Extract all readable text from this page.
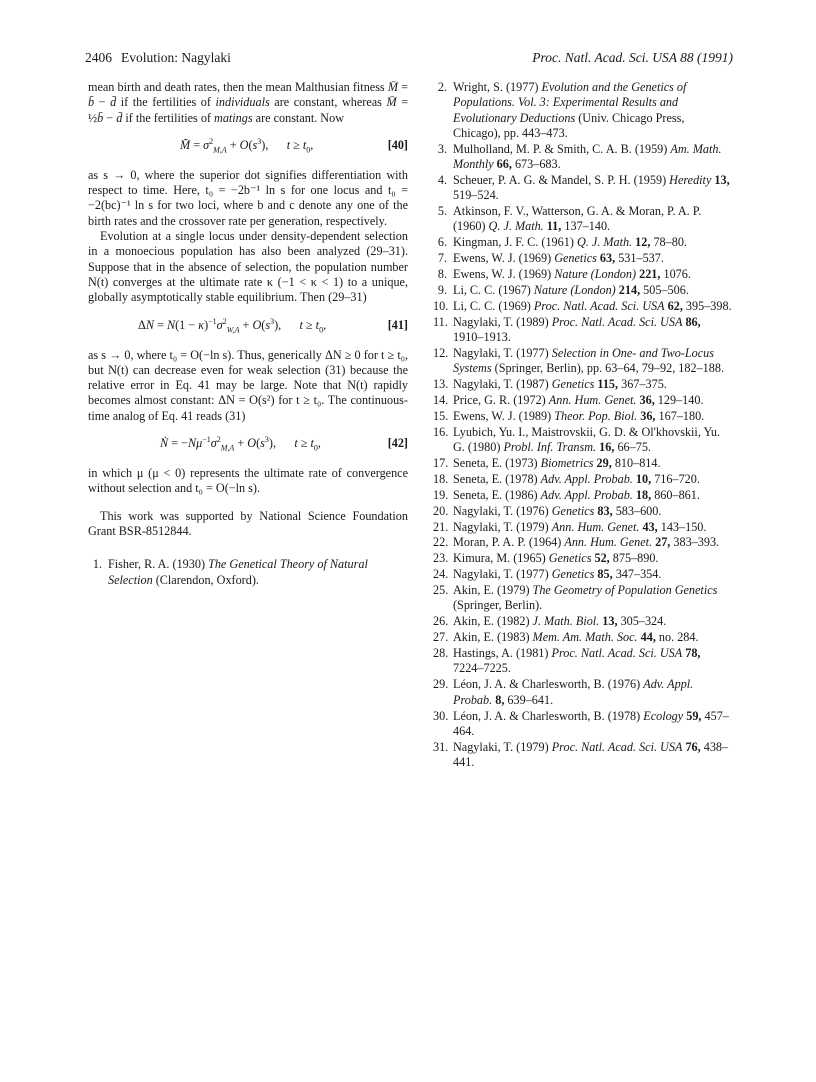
2406 Evolution: Nagylaki	Proc. Natl. Acad. Sci. USA 88 (1991)

mean birth and death rates, then the mean Malthusian fitness M̄ = b̄ − d̄ if the fertilities of individuals are constant, whereas M̄ = ½b̄ − d̄ if the fertilities of matings are constant. Now

M̄̇ = $\sigma^2_{M,A} + O(s^3)$,      $t \ge t_0$,	[40]

as s → 0, where the superior dot signifies differentiation with respect to time. Here, t₀ = −2b⁻¹ ln s for one locus and t₀ = −2(bc)⁻¹ ln s for two loci, where b and c denote any one of the birth rates and the crossover rate per generation, respectively.

Evolution at a single locus under density-dependent selection in a monoecious population has also been analyzed (29–31). Suppose that in the absence of selection, the population number N(t) converges at the ultimate rate κ (−1 < κ < 1) to a unique, globally asymptotically stable equilibrium. Then (29–31)

$\Delta N = N(1 - \kappa)^{-1}\sigma^2_{W,A} + O(s^3)$,      $t \ge t_0$,	[41]

as s → 0, where t₀ = O(−ln s). Thus, generically ΔN ≥ 0 for t ≥ t₀, but N(t) can decrease even for weak selection (31) because the relative error in Eq. 41 may be large. Note that N(t) rapidly becomes almost constant: ΔN = O(s²) for t ≥ t₀. The continuous-time analog of Eq. 41 reads (31)

Ṅ = $-N\mu^{-1}\sigma^2_{M,A} + O(s^3)$,      $t \ge t_0$,	[42]

in which μ (μ < 0) represents the ultimate rate of convergence without selection and t₀ = O(−ln s).

This work was supported by National Science Foundation Grant BSR-8512844.

1. Fisher, R. A. (1930) The Genetical Theory of Natural Selection (Clarendon, Oxford).

2. Wright, S. (1977) Evolution and the Genetics of Populations. Vol. 3: Experimental Results and Evolutionary Deductions (Univ. Chicago Press, Chicago), pp. 443–473.

3. Mulholland, M. P. & Smith, C. A. B. (1959) Am. Math. Monthly 66, 673–683.

4. Scheuer, P. A. G. & Mandel, S. P. H. (1959) Heredity 13, 519–524.

5. Atkinson, F. V., Watterson, G. A. & Moran, P. A. P. (1960) Q. J. Math. 11, 137–140.

6. Kingman, J. F. C. (1961) Q. J. Math. 12, 78–80.

7. Ewens, W. J. (1969) Genetics 63, 531–537.

8. Ewens, W. J. (1969) Nature (London) 221, 1076.

9. Li, C. C. (1967) Nature (London) 214, 505–506.

10. Li, C. C. (1969) Proc. Natl. Acad. Sci. USA 62, 395–398.

11. Nagylaki, T. (1989) Proc. Natl. Acad. Sci. USA 86, 1910–1913.

12. Nagylaki, T. (1977) Selection in One- and Two-Locus Systems (Springer, Berlin), pp. 63–64, 79–92, 182–188.

13. Nagylaki, T. (1987) Genetics 115, 367–375.

14. Price, G. R. (1972) Ann. Hum. Genet. 36, 129–140.

15. Ewens, W. J. (1989) Theor. Pop. Biol. 36, 167–180.

16. Lyubich, Yu. I., Maistrovskii, G. D. & Ol'khovskii, Yu. G. (1980) Probl. Inf. Transm. 16, 66–75.

17. Seneta, E. (1973) Biometrics 29, 810–814.

18. Seneta, E. (1978) Adv. Appl. Probab. 10, 716–720.

19. Seneta, E. (1986) Adv. Appl. Probab. 18, 860–861.

20. Nagylaki, T. (1976) Genetics 83, 583–600.

21. Nagylaki, T. (1979) Ann. Hum. Genet. 43, 143–150.

22. Moran, P. A. P. (1964) Ann. Hum. Genet. 27, 383–393.

23. Kimura, M. (1965) Genetics 52, 875–890.

24. Nagylaki, T. (1977) Genetics 85, 347–354.

25. Akin, E. (1979) The Geometry of Population Genetics (Springer, Berlin).

26. Akin, E. (1982) J. Math. Biol. 13, 305–324.

27. Akin, E. (1983) Mem. Am. Math. Soc. 44, no. 284.

28. Hastings, A. (1981) Proc. Natl. Acad. Sci. USA 78, 7224–7225.

29. Léon, J. A. & Charlesworth, B. (1976) Adv. Appl. Probab. 8, 639–641.

30. Léon, J. A. & Charlesworth, B. (1978) Ecology 59, 457–464.

31. Nagylaki, T. (1979) Proc. Natl. Acad. Sci. USA 76, 438–441.
